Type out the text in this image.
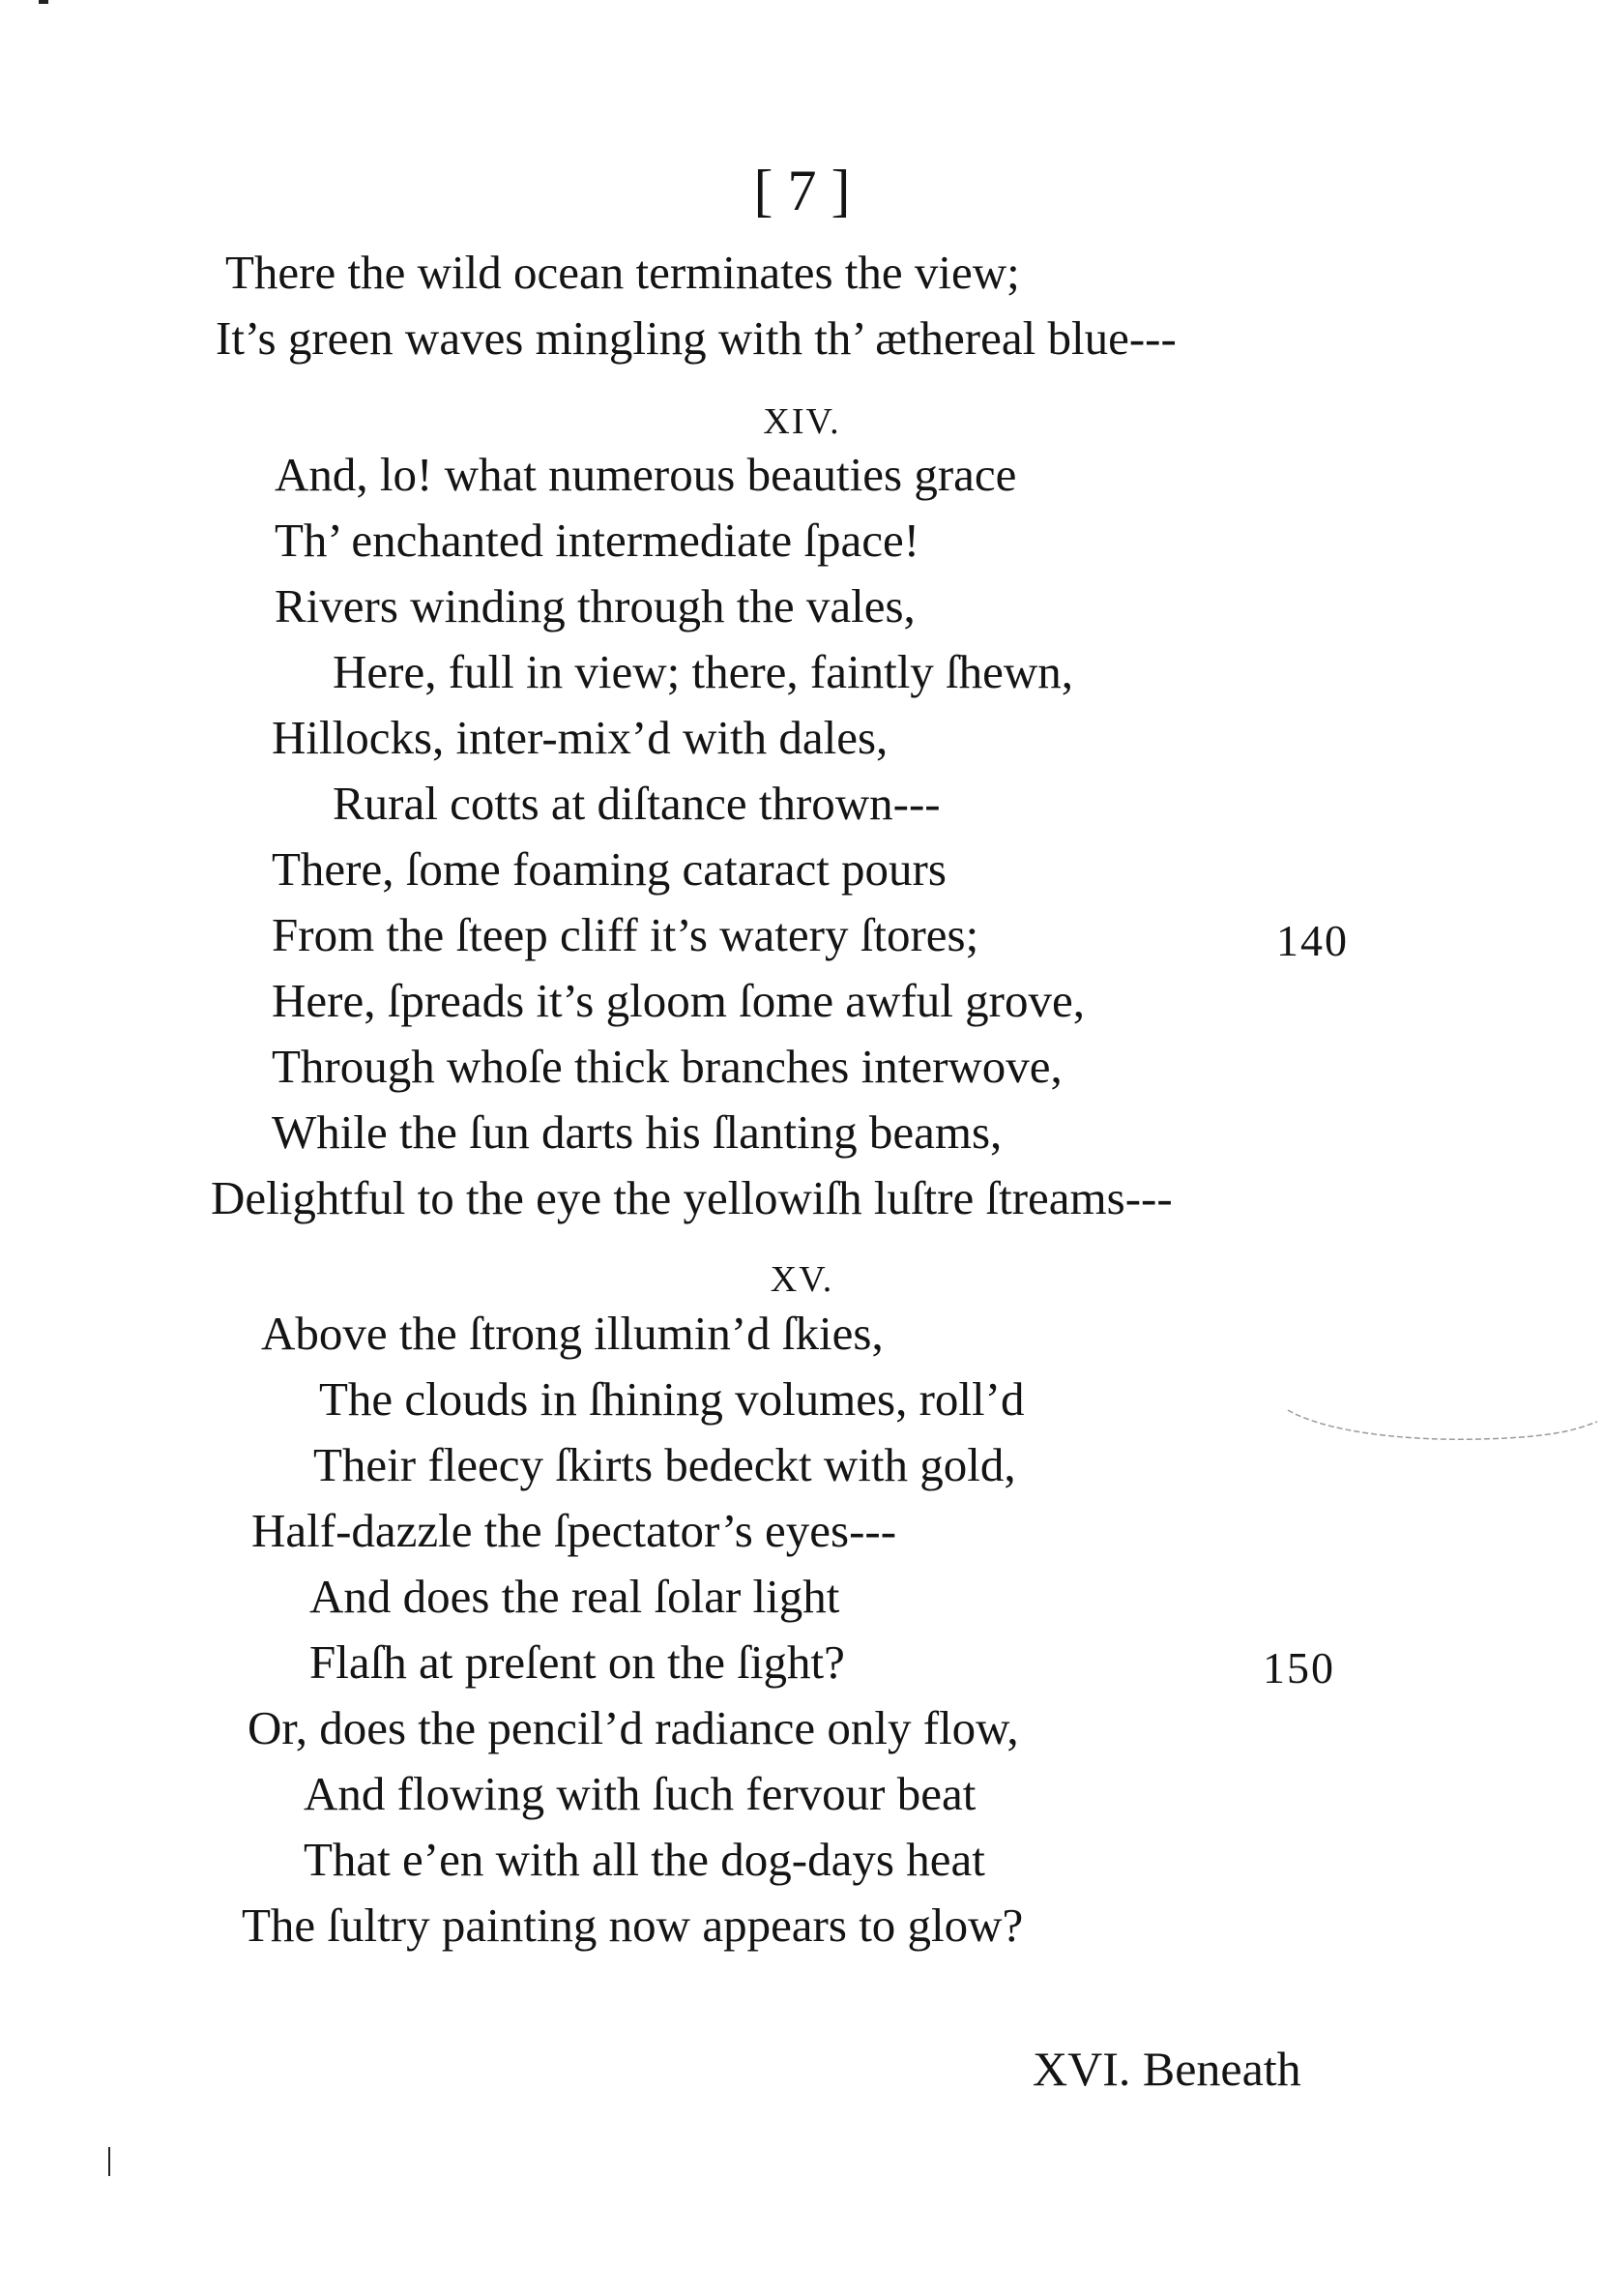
[ 7 ]
There the wild ocean terminates the view;
It’s green waves mingling with th’ æthereal blue---
XIV.
And, lo! what numerous beauties grace
Th’ enchanted intermediate ſpace!
Rivers winding through the vales,
Here, full in view; there, faintly ſhewn,
Hillocks, inter-mix’d with dales,
Rural cotts at diſtance thrown---
There, ſome foaming cataract pours
From the ſteep cliff it’s watery ſtores;	140
Here, ſpreads it’s gloom ſome awful grove,
Through whoſe thick branches interwove,
While the ſun darts his ſlanting beams,
Delightful to the eye the yellowiſh luſtre ſtreams---
XV.
Above the ſtrong illumin’d ſkies,
The clouds in ſhining volumes, roll’d
Their fleecy ſkirts bedeckt with gold,
Half-dazzle the ſpectator’s eyes---
And does the real ſolar light
Flaſh at preſent on the ſight?	150
Or, does the pencil’d radiance only flow,
And flowing with ſuch fervour beat
That e’en with all the dog-days heat
The ſultry painting now appears to glow?
XVI. Beneath
